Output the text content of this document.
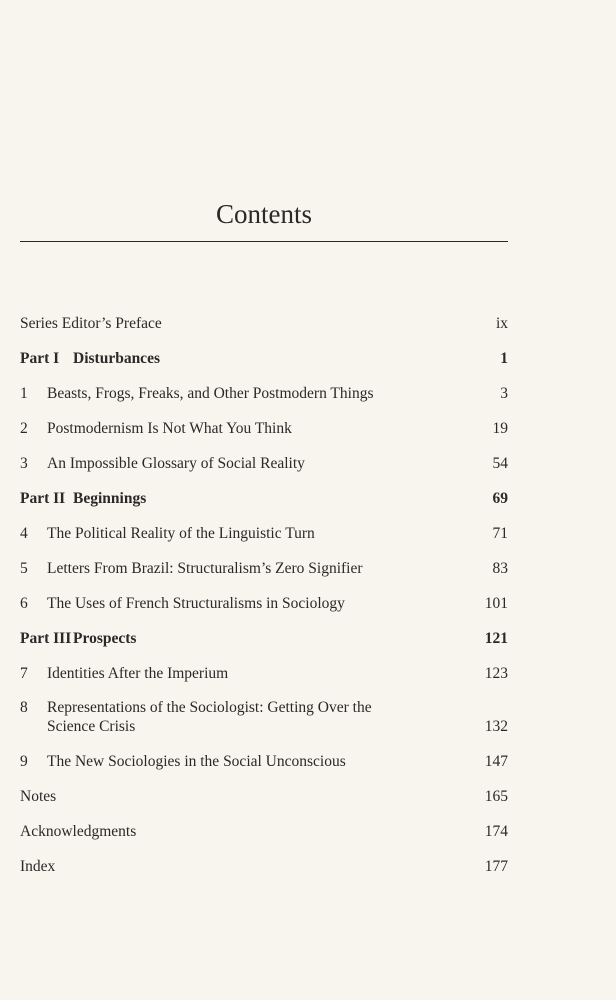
Contents
Series Editor’s Preface	ix
Part I Disturbances	1
1 Beasts, Frogs, Freaks, and Other Postmodern Things	3
2 Postmodernism Is Not What You Think	19
3 An Impossible Glossary of Social Reality	54
Part II Beginnings	69
4 The Political Reality of the Linguistic Turn	71
5 Letters From Brazil: Structuralism’s Zero Signifier	83
6 The Uses of French Structuralisms in Sociology	101
Part III Prospects	121
7 Identities After the Imperium	123
8 Representations of the Sociologist: Getting Over the
Science Crisis	132
9 The New Sociologies in the Social Unconscious	147
Notes	165
Acknowledgments	174
Index	177
